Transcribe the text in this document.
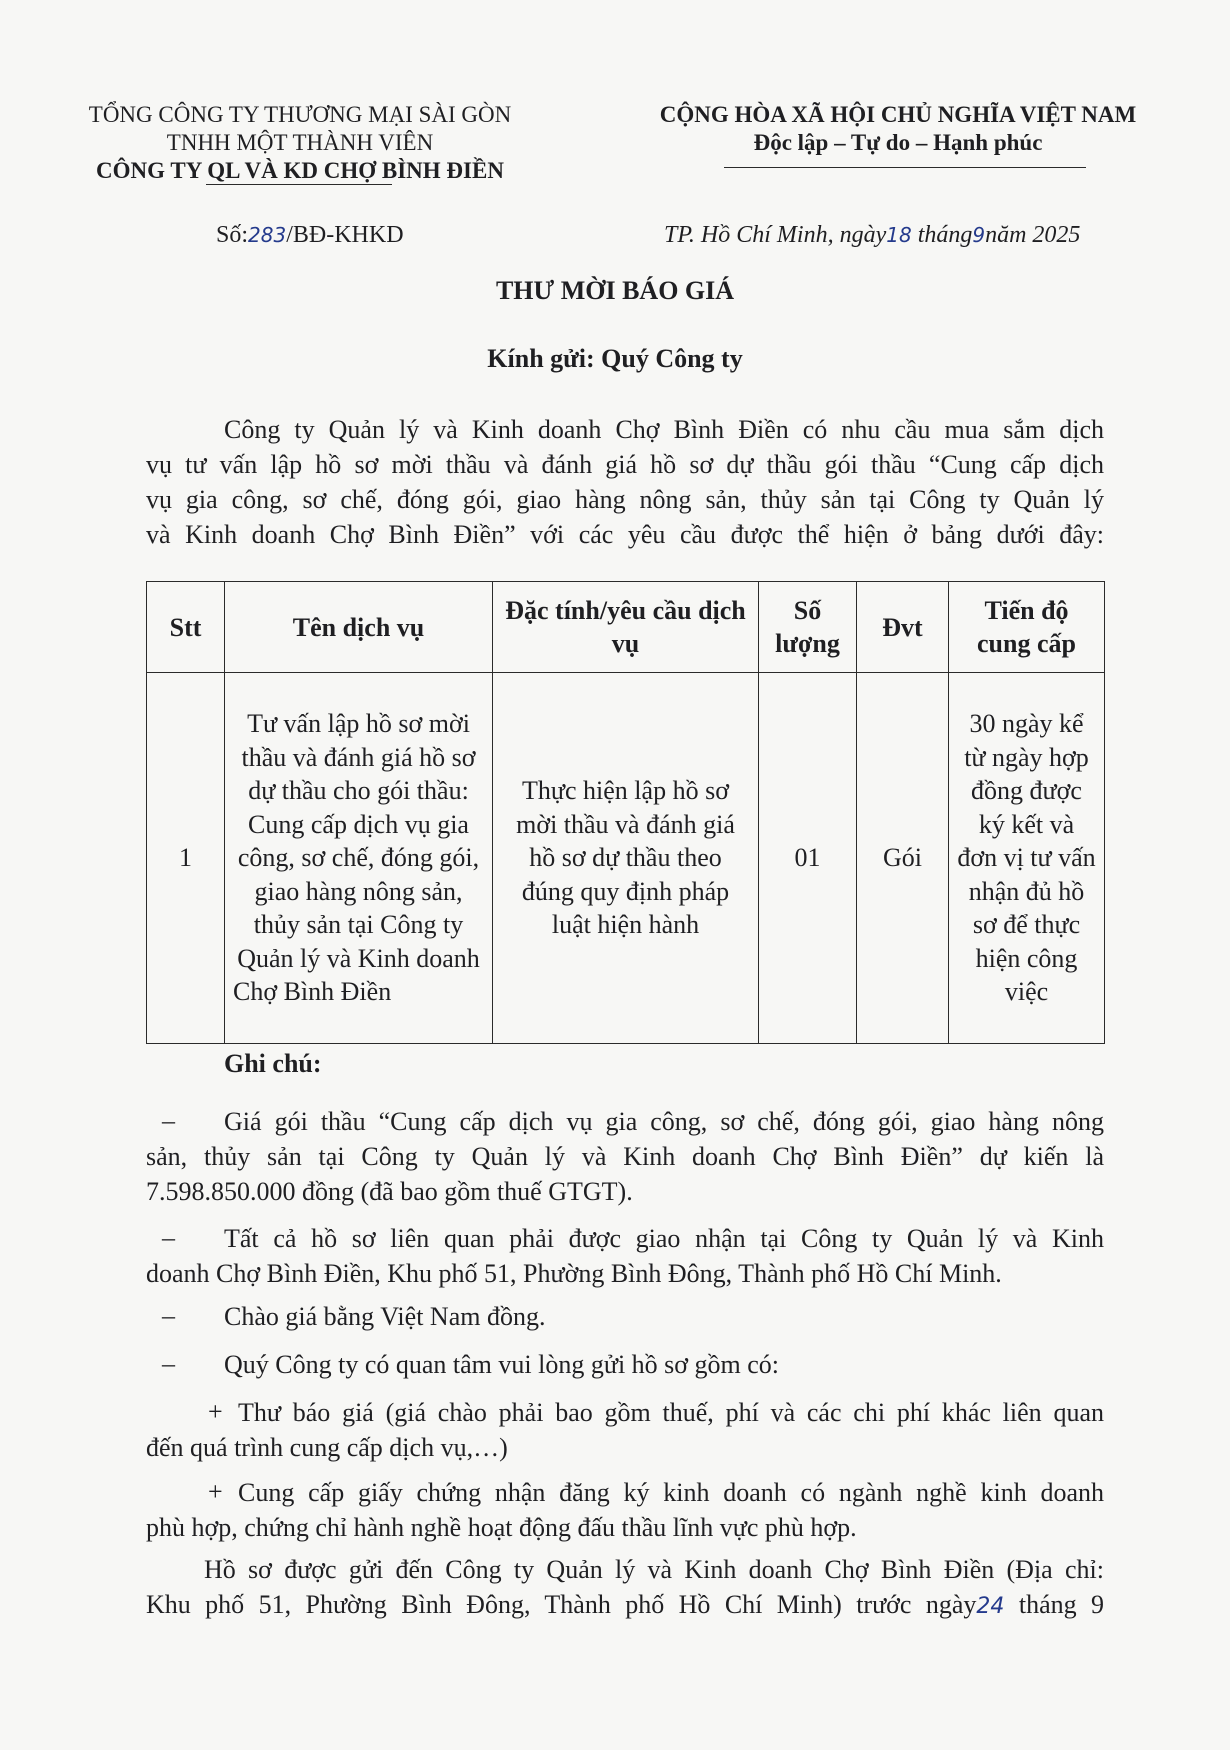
TỔNG CÔNG TY THƯƠNG MẠI SÀI GÒN
TNHH MỘT THÀNH VIÊN
CÔNG TY QL VÀ KD CHỢ BÌNH ĐIỀN
CỘNG HÒA XÃ HỘI CHỦ NGHĨA VIỆT NAM
Độc lập – Tự do – Hạnh phúc
Số:283/BĐ-KHKD	TP. Hồ Chí Minh, ngày18 tháng9năm 2025
THƯ MỜI BÁO GIÁ
Kính gửi: Quý Công ty
Công ty Quản lý và Kinh doanh Chợ Bình Điền có nhu cầu mua sắm dịch
vụ tư vấn lập hồ sơ mời thầu và đánh giá hồ sơ dự thầu gói thầu “Cung cấp dịch
vụ gia công, sơ chế, đóng gói, giao hàng nông sản, thủy sản tại Công ty Quản lý
và Kinh doanh Chợ Bình Điền” với các yêu cầu được thể hiện ở bảng dưới đây:
Stt	Tên dịch vụ	Đặc tính/yêu cầu dịch vụ	Số lượng	Đvt	Tiến độ cung cấp
1	Tư vấn lập hồ sơ mời thầu và đánh giá hồ sơ dự thầu cho gói thầu: Cung cấp dịch vụ gia công, sơ chế, đóng gói, giao hàng nông sản, thủy sản tại Công ty Quản lý và Kinh doanh Chợ Bình Điền	Thực hiện lập hồ sơ mời thầu và đánh giá hồ sơ dự thầu theo đúng quy định pháp luật hiện hành	01	Gói	30 ngày kể từ ngày hợp đồng được ký kết và đơn vị tư vấn nhận đủ hồ sơ để thực hiện công việc
Ghi chú:
–	Giá gói thầu “Cung cấp dịch vụ gia công, sơ chế, đóng gói, giao hàng nông
sản, thủy sản tại Công ty Quản lý và Kinh doanh Chợ Bình Điền” dự kiến là
7.598.850.000 đồng (đã bao gồm thuế GTGT).
–	Tất cả hồ sơ liên quan phải được giao nhận tại Công ty Quản lý và Kinh
doanh Chợ Bình Điền, Khu phố 51, Phường Bình Đông, Thành phố Hồ Chí Minh.
– Chào giá bằng Việt Nam đồng.
– Quý Công ty có quan tâm vui lòng gửi hồ sơ gồm có:
+ Thư báo giá (giá chào phải bao gồm thuế, phí và các chi phí khác liên quan
đến quá trình cung cấp dịch vụ,…)
+ Cung cấp giấy chứng nhận đăng ký kinh doanh có ngành nghề kinh doanh
phù hợp, chứng chỉ hành nghề hoạt động đấu thầu lĩnh vực phù hợp.
Hồ sơ được gửi đến Công ty Quản lý và Kinh doanh Chợ Bình Điền (Địa chỉ:
Khu phố 51, Phường Bình Đông, Thành phố Hồ Chí Minh) trước ngày24 tháng 9
